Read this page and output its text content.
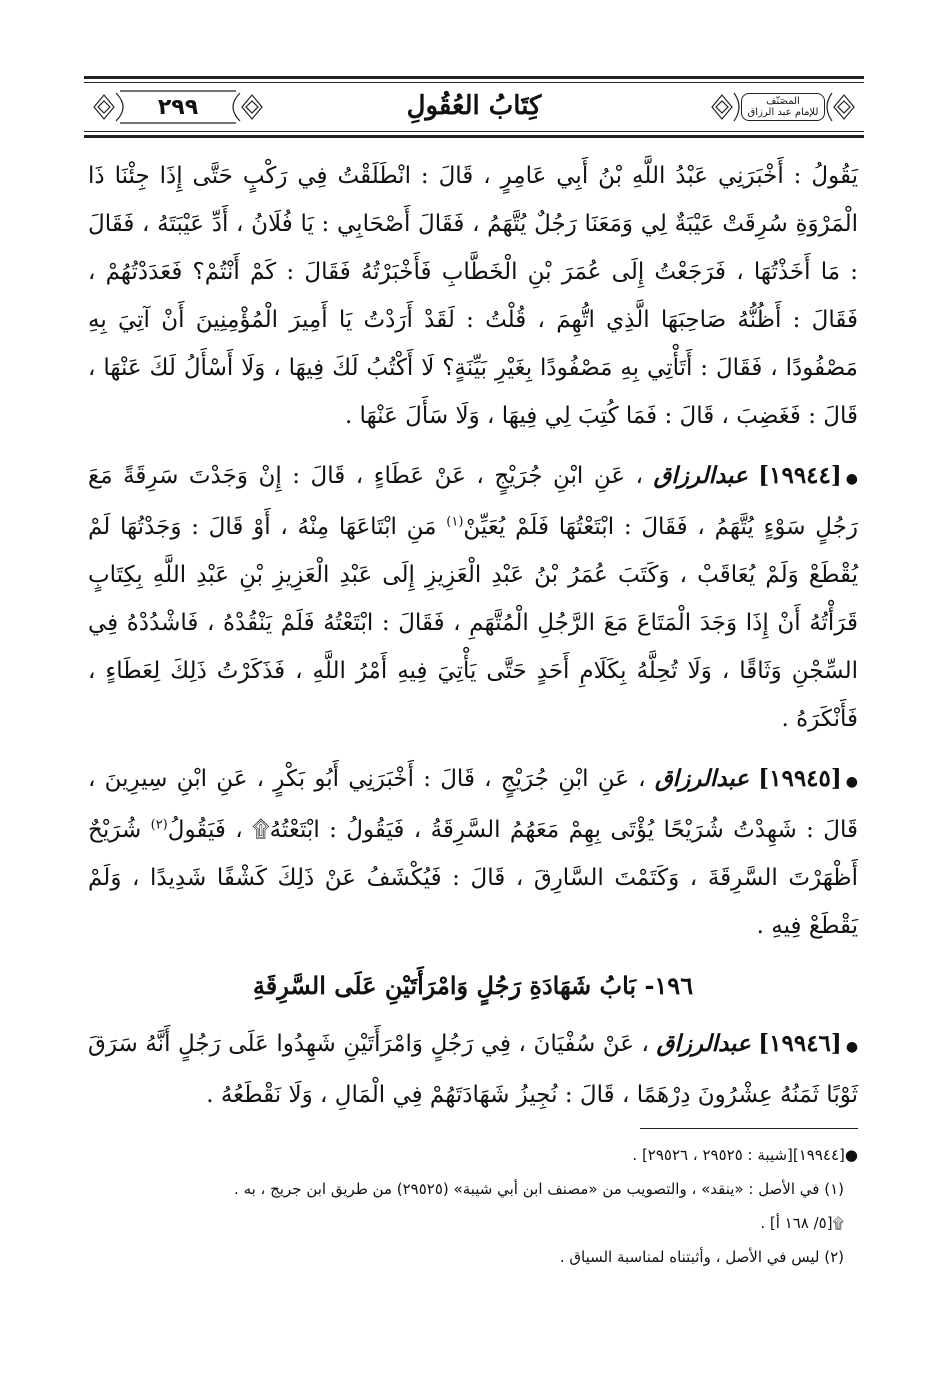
٢٩٩	كِتَابُ العُقُولِ	المصَنّف
للإمام عبد الرزاق

يَقُولُ : أَخْبَرَنِي عَبْدُ اللَّهِ بْنُ أَبِي عَامِرٍ ، قَالَ : انْطَلَقْتُ فِي رَكْبٍ حَتَّى إِذَا جِئْنَا ذَا الْمَرْوَةِ سُرِقَتْ عَيْبَةٌ لِي وَمَعَنَا رَجُلٌ يُتَّهَمُ ، فَقَالَ أَصْحَابِي : يَا فُلَانُ ، أَدِّ عَيْبَتَهُ ، فَقَالَ : مَا أَخَذْتُهَا ، فَرَجَعْتُ إِلَى عُمَرَ بْنِ الْخَطَّابِ فَأَخْبَرْتُهُ فَقَالَ : كَمْ أَنْتُمْ؟ فَعَدَدْتُهُمْ ، فَقَالَ : أَظُنُّهُ صَاحِبَهَا الَّذِي اتُّهِمَ ، قُلْتُ : لَقَدْ أَرَدْتُ يَا أَمِيرَ الْمُؤْمِنِينَ أَنْ آتِيَ بِهِ مَصْفُودًا ، فَقَالَ : أَتَأْتِي بِهِ مَصْفُودًا بِغَيْرِ بَيِّنَةٍ؟ لَا أَكْتُبُ لَكَ فِيهَا ، وَلَا أَسْأَلُ لَكَ عَنْهَا ، قَالَ : فَغَضِبَ ، قَالَ : فَمَا كُتِبَ لِي فِيهَا ، وَلَا سَأَلَ عَنْهَا .

●[١٩٩٤٤] عبدالرزاق ، عَنِ ابْنِ جُرَيْجٍ ، عَنْ عَطَاءٍ ، قَالَ : إِنْ وَجَدْتَ سَرِقَةً مَعَ رَجُلٍ سَوْءٍ يُتَّهَمُ ، فَقَالَ : ابْتَعْتُهَا فَلَمْ يُعَيِّنْ$^{(١)}$ مَنِ ابْتَاعَهَا مِنْهُ ، أَوْ قَالَ : وَجَدْتُهَا لَمْ يُقْطَعْ وَلَمْ يُعَاقَبْ ، وَكَتَبَ عُمَرُ بْنُ عَبْدِ الْعَزِيزِ إِلَى عَبْدِ الْعَزِيزِ بْنِ عَبْدِ اللَّهِ بِكِتَابٍ قَرَأْتُهُ أَنْ إِذَا وَجَدَ الْمَتَاعَ مَعَ الرَّجُلِ الْمُتَّهَمِ ، فَقَالَ : ابْتَعْتُهُ فَلَمْ يَنْقُدْهُ ، فَاشْدُدْهُ فِي السِّجْنِ وَثَاقًا ، وَلَا تُحِلَّهُ بِكَلَامِ أَحَدٍ حَتَّى يَأْتِيَ فِيهِ أَمْرُ اللَّهِ ، فَذَكَرْتُ ذَلِكَ لِعَطَاءٍ ، فَأَنْكَرَهُ .

●[١٩٩٤٥] عبدالرزاق ، عَنِ ابْنِ جُرَيْجٍ ، قَالَ : أَخْبَرَنِي أَبُو بَكْرٍ ، عَنِ ابْنِ سِيرِينَ ، قَالَ : شَهِدْتُ شُرَيْحًا يُؤْتَى بِهِمْ مَعَهُمُ السَّرِقَةُ ، فَيَقُولُ : ابْتَعْتُهُ۩ ، فَيَقُولُ$^{(٢)}$ شُرَيْحٌ أَظْهَرْتَ السَّرِقَةَ ، وَكَتَمْتَ السَّارِقَ ، قَالَ : فَيُكْشَفُ عَنْ ذَلِكَ كَشْفًا شَدِيدًا ، وَلَمْ يَقْطَعْ فِيهِ .

١٩٦- بَابُ شَهَادَةِ رَجُلٍ وَامْرَأَتَيْنِ عَلَى السَّرِقَةِ

●[١٩٩٤٦] عبدالرزاق ، عَنْ سُفْيَانَ ، فِي رَجُلٍ وَامْرَأَتَيْنِ شَهِدُوا عَلَى رَجُلٍ أَنَّهُ سَرَقَ ثَوْبًا ثَمَنُهُ عِشْرُونَ دِرْهَمًا ، قَالَ : نُجِيزُ شَهَادَتَهُمْ فِي الْمَالِ ، وَلَا نَقْطَعُهُ .

●[١٩٩٤٤][شيبة : ٢٩٥٢٥ ، ٢٩٥٢٦] .

(١) في الأصل : «ينقد» ، والتصويب من «مصنف ابن أبي شيبة» (٢٩٥٢٥) من طريق ابن جريج ، به .

۩[٥/ ١٦٨ أ] .

(٢) ليس في الأصل ، وأثبتناه لمناسبة السياق .
